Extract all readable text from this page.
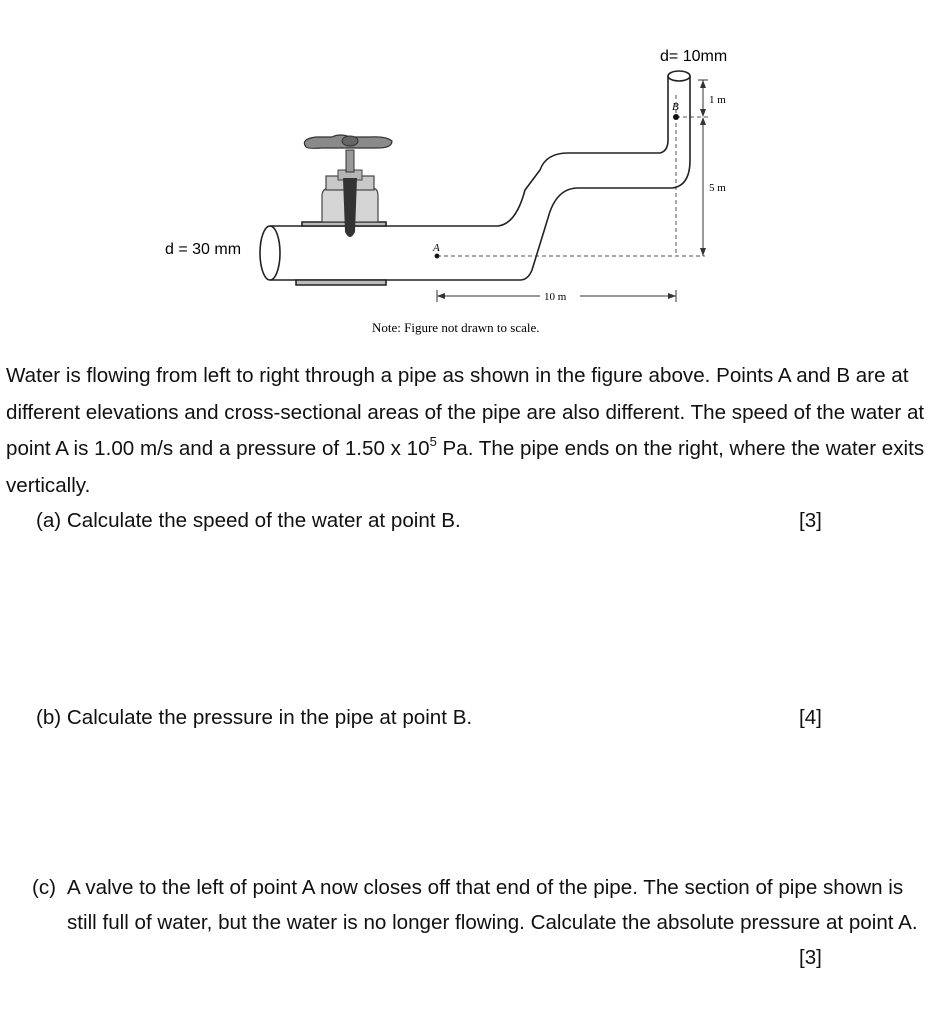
d= 10mm
d = 30 mm	A
B
1 m
5 m
10 m
Note: Figure not drawn to scale.
Water is flowing from left to right through a pipe as shown in the figure above. Points A and B are at different elevations and cross-sectional areas of the pipe are also different. The speed of the water at point A is 1.00 m/s and a pressure of 1.50 x $10^5$ Pa. The pipe ends on the right, where the water exits vertically.
(a) Calculate the speed of the water at point B.	[3]
(b) Calculate the pressure in the pipe at point B.	[4]
(c) A valve to the left of point A now closes off that end of the pipe. The section of pipe shown is still full of water, but the water is no longer flowing. Calculate the absolute pressure at point A.
[3]
